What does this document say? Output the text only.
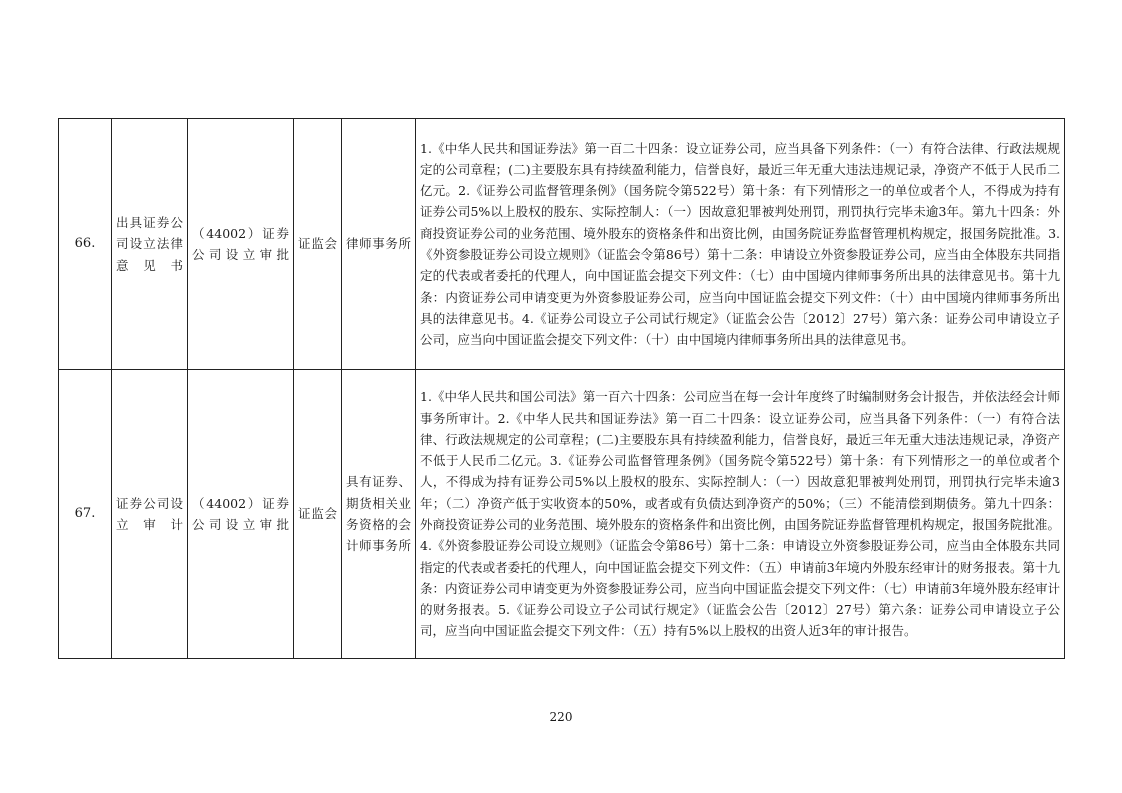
66.	出具证券公司设立法律意见书	（44002）证券公司设立审批	证监会	律师事务所	1.《中华人民共和国证券法》第一百二十四条：设立证券公司，应当具备下列条件：（一）有符合法律、行政法规规定的公司章程；(二)主要股东具有持续盈利能力，信誉良好，最近三年无重大违法违规记录，净资产不低于人民币二亿元。2.《证券公司监督管理条例》（国务院令第522号）第十条：有下列情形之一的单位或者个人，不得成为持有证券公司5%以上股权的股东、实际控制人：（一）因故意犯罪被判处刑罚，刑罚执行完毕未逾3年。第九十四条：外商投资证券公司的业务范围、境外股东的资格条件和出资比例，由国务院证券监督管理机构规定，报国务院批准。3.《外资参股证券公司设立规则》（证监会令第86号）第十二条：申请设立外资参股证券公司，应当由全体股东共同指定的代表或者委托的代理人，向中国证监会提交下列文件：（七）由中国境内律师事务所出具的法律意见书。第十九条：内资证券公司申请变更为外资参股证券公司，应当向中国证监会提交下列文件：（十）由中国境内律师事务所出具的法律意见书。4.《证券公司设立子公司试行规定》（证监会公告〔2012〕27号）第六条：证券公司申请设立子公司，应当向中国证监会提交下列文件：（十）由中国境内律师事务所出具的法律意见书。
67.	证券公司设立审计	（44002）证券公司设立审批	证监会	具有证券、期货相关业务资格的会计师事务所	1.《中华人民共和国公司法》第一百六十四条：公司应当在每一会计年度终了时编制财务会计报告，并依法经会计师事务所审计。2.《中华人民共和国证券法》第一百二十四条：设立证券公司，应当具备下列条件：（一）有符合法律、行政法规规定的公司章程；(二)主要股东具有持续盈利能力，信誉良好，最近三年无重大违法违规记录，净资产不低于人民币二亿元。3.《证券公司监督管理条例》（国务院令第522号）第十条：有下列情形之一的单位或者个人，不得成为持有证券公司5%以上股权的股东、实际控制人：（一）因故意犯罪被判处刑罚，刑罚执行完毕未逾3年；（二）净资产低于实收资本的50%，或者或有负债达到净资产的50%；（三）不能清偿到期债务。第九十四条：外商投资证券公司的业务范围、境外股东的资格条件和出资比例，由国务院证券监督管理机构规定，报国务院批准。4.《外资参股证券公司设立规则》（证监会令第86号）第十二条：申请设立外资参股证券公司，应当由全体股东共同指定的代表或者委托的代理人，向中国证监会提交下列文件：（五）申请前3年境内外股东经审计的财务报表。第十九条：内资证券公司申请变更为外资参股证券公司，应当向中国证监会提交下列文件：（七）申请前3年境外股东经审计的财务报表。5.《证券公司设立子公司试行规定》（证监会公告〔2012〕27号）第六条：证券公司申请设立子公司，应当向中国证监会提交下列文件：（五）持有5%以上股权的出资人近3年的审计报告。
220
